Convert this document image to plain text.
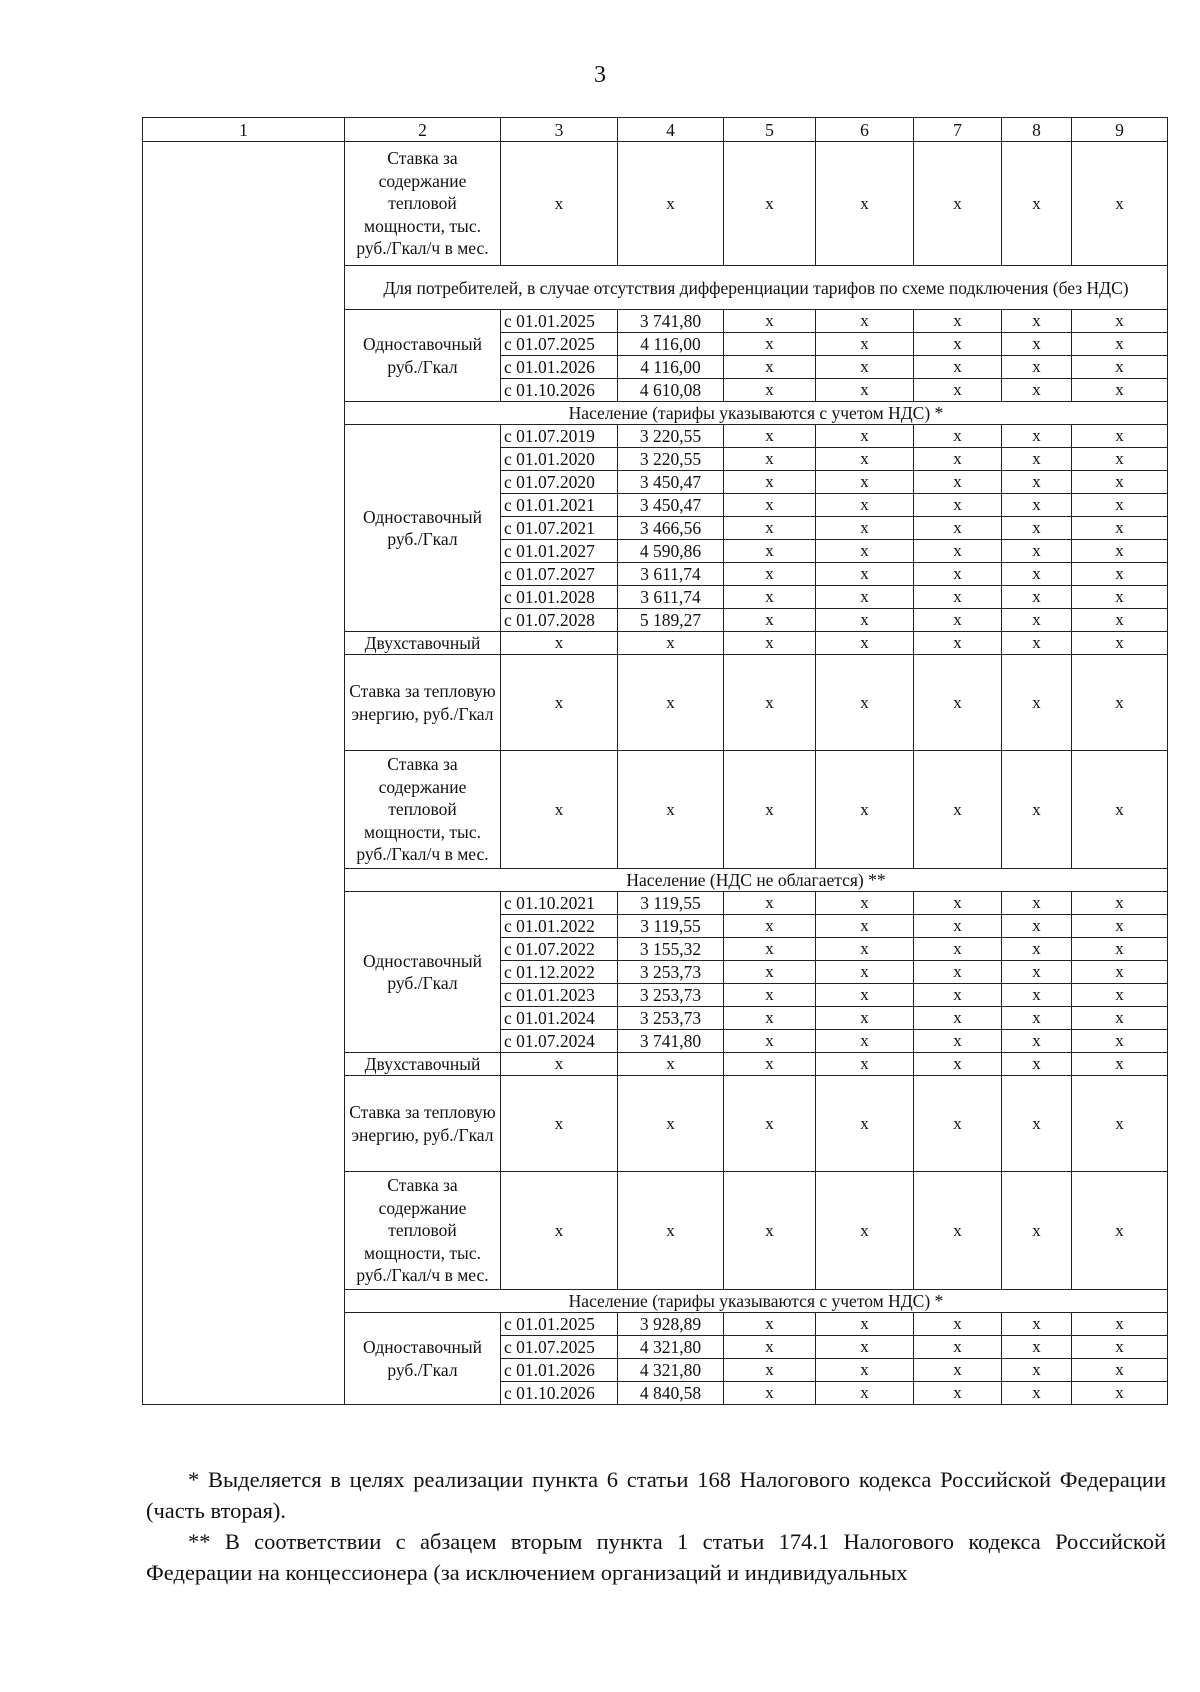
3
1	2	3	4	5	6	7	8	9
	Ставка за содержание тепловой мощности, тыс. руб./Гкал/ч в мес.	x	x	x	x	x	x	x
	Для потребителей, в случае отсутствия дифференциации тарифов по схеме подключения (без НДС)							
	Одноставочный руб./Гкал	с 01.01.2025	3 741,80	x	x	x	x	x
		с 01.07.2025	4 116,00	x	x	x	x	x
		с 01.01.2026	4 116,00	x	x	x	x	x
		с 01.10.2026	4 610,08	x	x	x	x	x
	Население (тарифы указываются с учетом НДС) *							
	Одноставочный руб./Гкал	с 01.07.2019	3 220,55	x	x	x	x	x
		с 01.01.2020	3 220,55	x	x	x	x	x
		с 01.07.2020	3 450,47	x	x	x	x	x
		с 01.01.2021	3 450,47	x	x	x	x	x
		с 01.07.2021	3 466,56	x	x	x	x	x
		с 01.01.2027	4 590,86	x	x	x	x	x
		с 01.07.2027	3 611,74	x	x	x	x	x
		с 01.01.2028	3 611,74	x	x	x	x	x
		с 01.07.2028	5 189,27	x	x	x	x	x
	Двухставочный	x	x	x	x	x	x	x
	Ставка за тепловую энергию, руб./Гкал	x	x	x	x	x	x	x
	Ставка за содержание тепловой мощности, тыс. руб./Гкал/ч в мес.	x	x	x	x	x	x	x
	Население (НДС не облагается) **							
	Одноставочный руб./Гкал	с 01.10.2021	3 119,55	x	x	x	x	x
		с 01.01.2022	3 119,55	x	x	x	x	x
		с 01.07.2022	3 155,32	x	x	x	x	x
		с 01.12.2022	3 253,73	x	x	x	x	x
		с 01.01.2023	3 253,73	x	x	x	x	x
		с 01.01.2024	3 253,73	x	x	x	x	x
		с 01.07.2024	3 741,80	x	x	x	x	x
	Двухставочный	x	x	x	x	x	x	x
	Ставка за тепловую энергию, руб./Гкал	x	x	x	x	x	x	x
	Ставка за содержание тепловой мощности, тыс. руб./Гкал/ч в мес.	x	x	x	x	x	x	x
	Население (тарифы указываются с учетом НДС) *							
	Одноставочный руб./Гкал	с 01.01.2025	3 928,89	x	x	x	x	x
		с 01.07.2025	4 321,80	x	x	x	x	x
		с 01.01.2026	4 321,80	x	x	x	x	x
		с 01.10.2026	4 840,58	x	x	x	x	x

* Выделяется в целях реализации пункта 6 статьи 168 Налогового кодекса Российской Федерации (часть вторая).

** В соответствии с абзацем вторым пункта 1 статьи 174.1 Налогового кодекса Российской Федерации на концессионера (за исключением организаций и индивидуальных
